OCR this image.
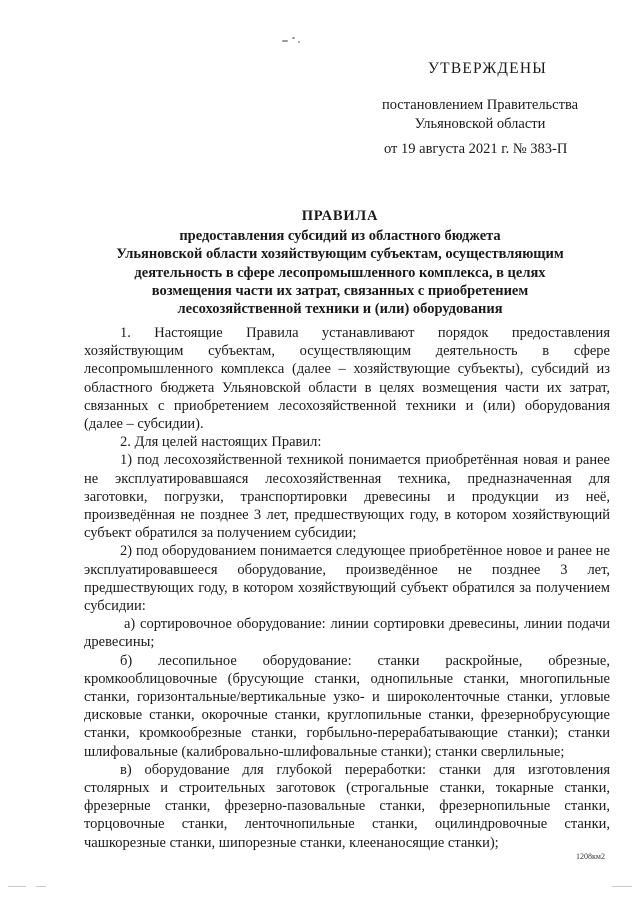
УТВЕРЖДЕНЫ
постановлением Правительства
Ульяновской области
от 19 августа 2021 г. № 383-П
ПРАВИЛА
предоставления субсидий из областного бюджета
Ульяновской области хозяйствующим субъектам, осуществляющим
деятельность в сфере лесопромышленного комплекса, в целях
возмещения части их затрат, связанных с приобретением
лесохозяйственной техники и (или) оборудования

1. Настоящие Правила устанавливают порядок предоставления хозяйствующим субъектам, осуществляющим деятельность в сфере лесопромышленного комплекса (далее – хозяйствующие субъекты), субсидий из областного бюджета Ульяновской области в целях возмещения части их затрат, связанных с приобретением лесохозяйственной техники и (или) оборудования (далее – субсидии).

2. Для целей настоящих Правил:

1) под лесохозяйственной техникой понимается приобретённая новая и ранее не эксплуатировавшаяся лесохозяйственная техника, предназначенная для заготовки, погрузки, транспортировки древесины и продукции из неё, произведённая не позднее 3 лет, предшествующих году, в котором хозяйствующий субъект обратился за получением субсидии;

2) под оборудованием понимается следующее приобретённое новое и ранее не эксплуатировавшееся оборудование, произведённое не позднее 3 лет, предшествующих году, в котором хозяйствующий субъект обратился за получением субсидии:

а) сортировочное оборудование: линии сортировки древесины, линии подачи древесины;

б) лесопильное оборудование: станки раскройные, обрезные, кромкооблицовочные (брусующие станки, однопильные станки, многопильные станки, горизонтальные/вертикальные узко- и широколенточные станки, угловые дисковые станки, окорочные станки, круглопильные станки, фрезернобрусующие станки, кромкообрезные станки, горбыльно-перерабатывающие станки); станки шлифовальные (калибровально-шлифовальные станки); станки сверлильные;

в) оборудование для глубокой переработки: станки для изготовления столярных и строительных заготовок (строгальные станки, токарные станки, фрезерные станки, фрезерно-пазовальные станки, фрезернопильные станки, торцовочные станки, ленточнопильные станки, оцилиндровочные станки, чашкорезные станки, шипорезные станки, клеенаносящие станки);

1208км2
